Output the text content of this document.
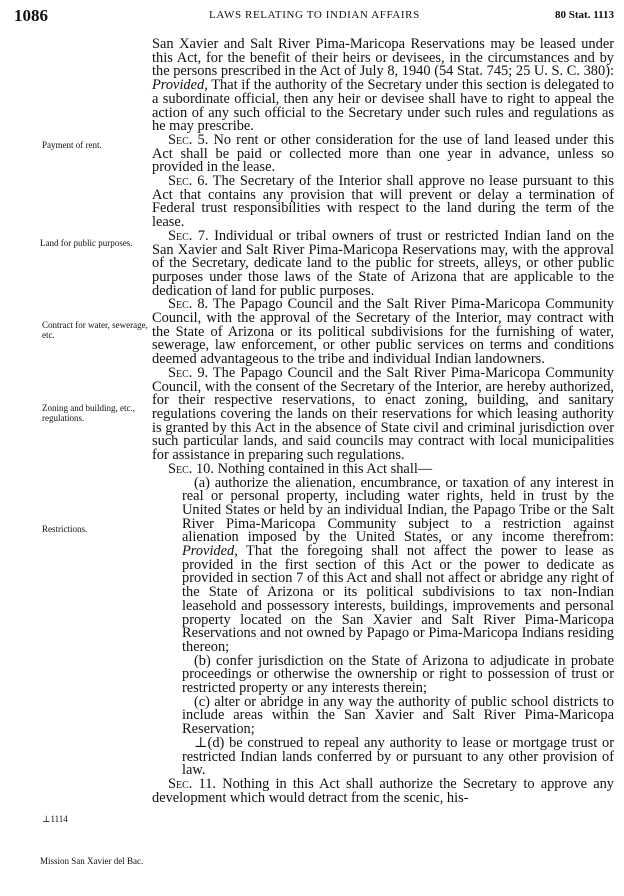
1086	LAWS RELATING TO INDIAN AFFAIRS	80 Stat. 1113
Payment of rent.
Land for public purposes.
Contract for water, sewerage, etc.
Zoning and building, etc., regulations.
Restrictions.
⊥1114
Mission San Xavier del Bac.

San Xavier and Salt River Pima-Maricopa Reservations may be leased under this Act, for the benefit of their heirs or devisees, in the circumstances and by the persons prescribed in the Act of July 8, 1940 (54 Stat. 745; 25 U. S. C. 380): Provided, That if the authority of the Secretary under this section is delegated to a subordinate official, then any heir or devisee shall have to right to appeal the action of any such official to the Secretary under such rules and regulations as he may prescribe.

Sec. 5. No rent or other consideration for the use of land leased under this Act shall be paid or collected more than one year in advance, unless so provided in the lease.

Sec. 6. The Secretary of the Interior shall approve no lease pursuant to this Act that contains any provision that will prevent or delay a termination of Federal trust responsibilities with respect to the land during the term of the lease.

Sec. 7. Individual or tribal owners of trust or restricted Indian land on the San Xavier and Salt River Pima-Maricopa Reservations may, with the approval of the Secretary, dedicate land to the public for streets, alleys, or other public purposes under those laws of the State of Arizona that are applicable to the dedication of land for public purposes.

Sec. 8. The Papago Council and the Salt River Pima-Maricopa Community Council, with the approval of the Secretary of the Interior, may contract with the State of Arizona or its political subdivisions for the furnishing of water, sewerage, law enforcement, or other public services on terms and conditions deemed advantageous to the tribe and individual Indian landowners.

Sec. 9. The Papago Council and the Salt River Pima-Maricopa Community Council, with the consent of the Secretary of the Interior, are hereby authorized, for their respective reservations, to enact zoning, building, and sanitary regulations covering the lands on their reservations for which leasing authority is granted by this Act in the absence of State civil and criminal jurisdiction over such particular lands, and said councils may contract with local municipalities for assistance in preparing such regulations.

Sec. 10. Nothing contained in this Act shall—

(a) authorize the alienation, encumbrance, or taxation of any interest in real or personal property, including water rights, held in trust by the United States or held by an individual Indian, the Papago Tribe or the Salt River Pima-Maricopa Community subject to a restriction against alienation imposed by the United States, or any income therefrom: Provided, That the foregoing shall not affect the power to lease as provided in the first section of this Act or the power to dedicate as provided in section 7 of this Act and shall not affect or abridge any right of the State of Arizona or its political subdivisions to tax non-Indian leasehold and possessory interests, buildings, improvements and personal property located on the San Xavier and Salt River Pima-Maricopa Reservations and not owned by Papago or Pima-Maricopa Indians residing thereon;

(b) confer jurisdiction on the State of Arizona to adjudicate in probate proceedings or otherwise the ownership or right to possession of trust or restricted property or any interests therein;

(c) alter or abridge in any way the authority of public school districts to include areas within the San Xavier and Salt River Pima-Maricopa Reservation;

⊥(d) be construed to repeal any authority to lease or mortgage trust or restricted Indian lands conferred by or pursuant to any other provision of law.

Sec. 11. Nothing in this Act shall authorize the Secretary to approve any development which would detract from the scenic, his-
